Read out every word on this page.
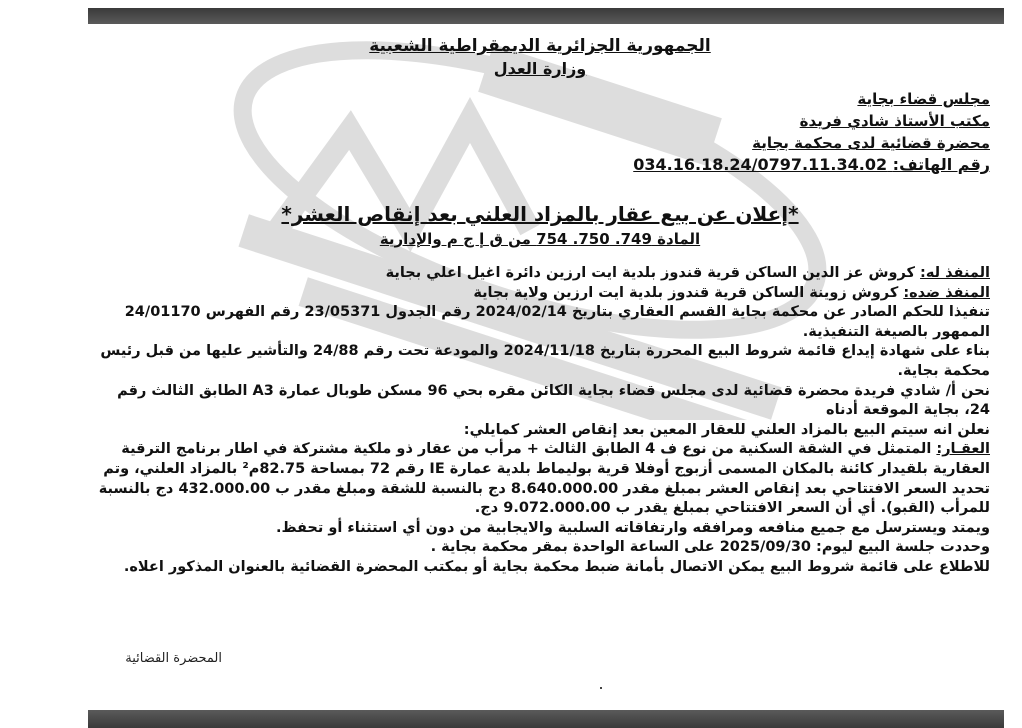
الجمهورية الجزائرية الديمقراطية الشعبية
وزارة العدل
مجلس قضاء بجاية
مكتب الأستاذ شادي فريدة
محضرة قضائية لدى محكمة بجاية
رقم الهاتف: 034.16.18.24/0797.11.34.02
*إعلان عن بيع عقار بالمزاد العلني بعد إنقاص العشر*
المادة 749. 750. 754 من ق إ ج م والإدارية

المنفذ له: كروش عز الدين الساكن قرية قندوز بلدية ايت ارزين دائرة اغيل اعلي بجاية

المنفذ ضده: كروش زوينة الساكن قرية قندوز بلدية ايت ارزين ولاية بجاية

تنفيذا للحكم الصادر عن محكمة بجاية القسم العقاري بتاريخ 2024/02/14 رقم الجدول 23/05371 رقم الفهرس 24/01170 الممهور بالصيغة التنفيذية.

بناء على شهادة إيداع قائمة شروط البيع المحررة بتاريخ 2024/11/18 والمودعة تحت رقم 24/88 والتأشير عليها من قبل رئيس محكمة بجاية.

نحن أ/ شادي فريدة محضرة قضائية لدى مجلس قضاء بجاية الكائن مقره بحي 96 مسكن طوبال عمارة A3 الطابق الثالث رقم 24، بجاية الموقعة أدناه

نعلن انه سيتم البيع بالمزاد العلني للعقار المعين بعد إنقاص العشر كمايلي:

العقـار: المتمثل في الشقة السكنية من نوع ف 4 الطابق الثالث + مرأب من عقار ذو ملكية مشتركة في اطار برنامج الترقية العقارية بلقيدار كائنة بالمكان المسمى أزبوج أوفلا قرية بوليماط بلدية عمارة IE رقم 72 بمساحة 82.75م² بالمزاد العلني، وتم تحديد السعر الافتتاحي بعد إنقاص العشر بمبلغ مقدر 8.640.000.00 دج بالنسبة للشقة ومبلغ مقدر ب 432.000.00 دج بالنسبة للمرأب (القبو). أي أن السعر الافتتاحي بمبلغ يقدر ب 9.072.000.00 دج.

ويمتد ويسترسل مع جميع منافعه ومرافقه وارتفاقاته السلبية والايجابية من دون أي استثناء أو تحفظ.

وحددت جلسة البيع ليوم: 2025/09/30 على الساعة الواحدة بمقر محكمة بجاية .

للاطلاع على قائمة شروط البيع يمكن الاتصال بأمانة ضبط محكمة بجاية أو بمكتب المحضرة القضائية بالعنوان المذكور اعلاه.

المحضرة القضائية
